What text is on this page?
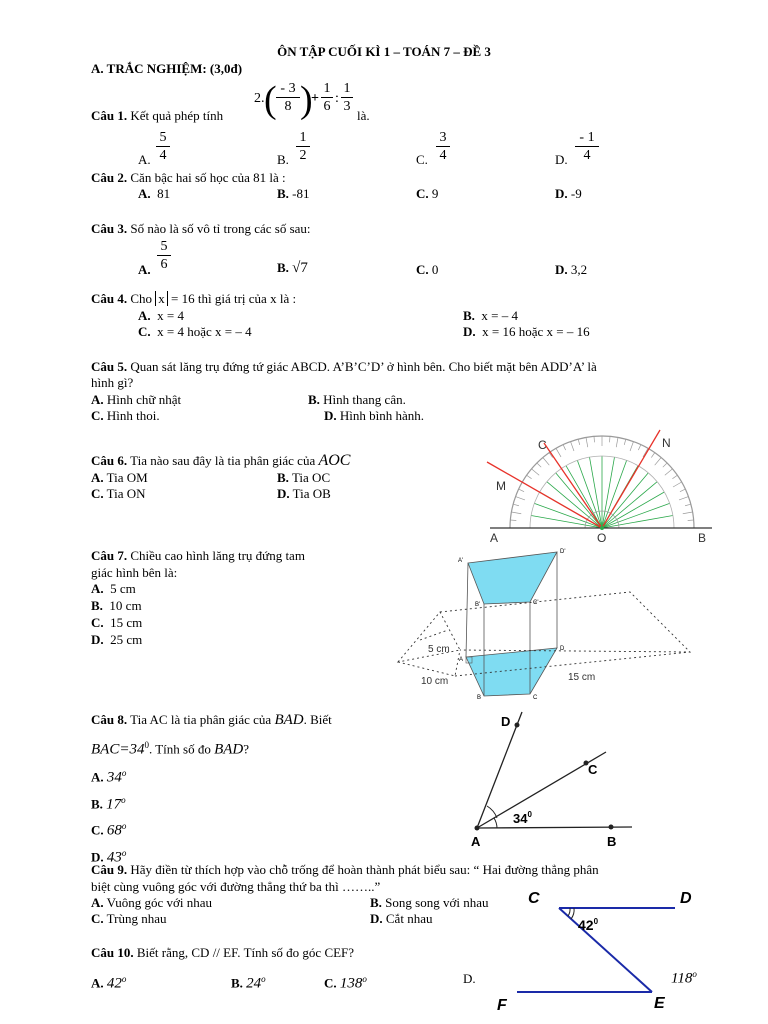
ÔN TẬP CUỐI KÌ 1 – TOÁN 7 – ĐỀ 3
A. TRẮC NGHIỆM: (3,0đ)
Câu 1. Kết quả phép tính
2. ( $\frac{- 3}{8}$ )
+ $\frac{1}{6}$ : $\frac{1}{3}$
là.
A. $\frac{5}{4}$	B. $\frac{1}{2}$	C. $\frac{3}{4}$	D. $\frac{- 1}{4}$
Câu 2. Căn bậc hai số học của 81 là :
A. 81	B. -81	C. 9	D. -9
Câu 3. Số nào là số vô tỉ trong các số sau:
A. $\frac{5}{6}$	B. √7	C. 0	D. 3,2
Câu 4. Cho x = 16 thì giá trị của x là :
A. x = 4	B. x = – 4
C. x = 4 hoặc x = – 4	D. x = 16 hoặc x = – 16
Câu 5. Quan sát lăng trụ đứng tứ giác ABCD. A’B’C’D’ ở hình bên. Cho biết mặt bên ADD’A’ là
hình gì?
A. Hình chữ nhật	B. Hình thang cân.
C. Hình thoi.	D. Hình bình hành.
Câu 6. Tia nào sau đây là tia phân giác của AOC
A. Tia OM	B. Tia OC
C. Tia ON	D. Tia OB
Câu 7. Chiều cao hình lăng trụ đứng tam
giác hình bên là:
A. 5 cm
B. 10 cm
C. 15 cm
D. 25 cm
Câu 8. Tia AC là tia phân giác của BAD. Biết
$BAC=34^0$. Tính số đo BAD?
A. 34$^o$
B. 17$^o$
C. 68$^o$
D. 43$^o$
Câu 9. Hãy điền từ thích hợp vào chỗ trống để hoàn thành phát biểu sau: “ Hai đường thẳng phân
biệt cùng vuông góc với đường thẳng thứ ba thì ……..”
A. Vuông góc với nhau	B. Song song với nhau
C. Trùng nhau	D. Cắt nhau
Câu 10. Biết rằng, CD // EF. Tính số đo góc CEF?
A. 42$^o$	B. 24$^o$	C. 138$^o$	D.	118$^o$
C	N
M
A	O	B
A'
D'
B'	C'
A
D
B	C
5 cm
10 cm	15 cm
D
C
A	B
$34^0$
C	D
F	E
$42^0$
